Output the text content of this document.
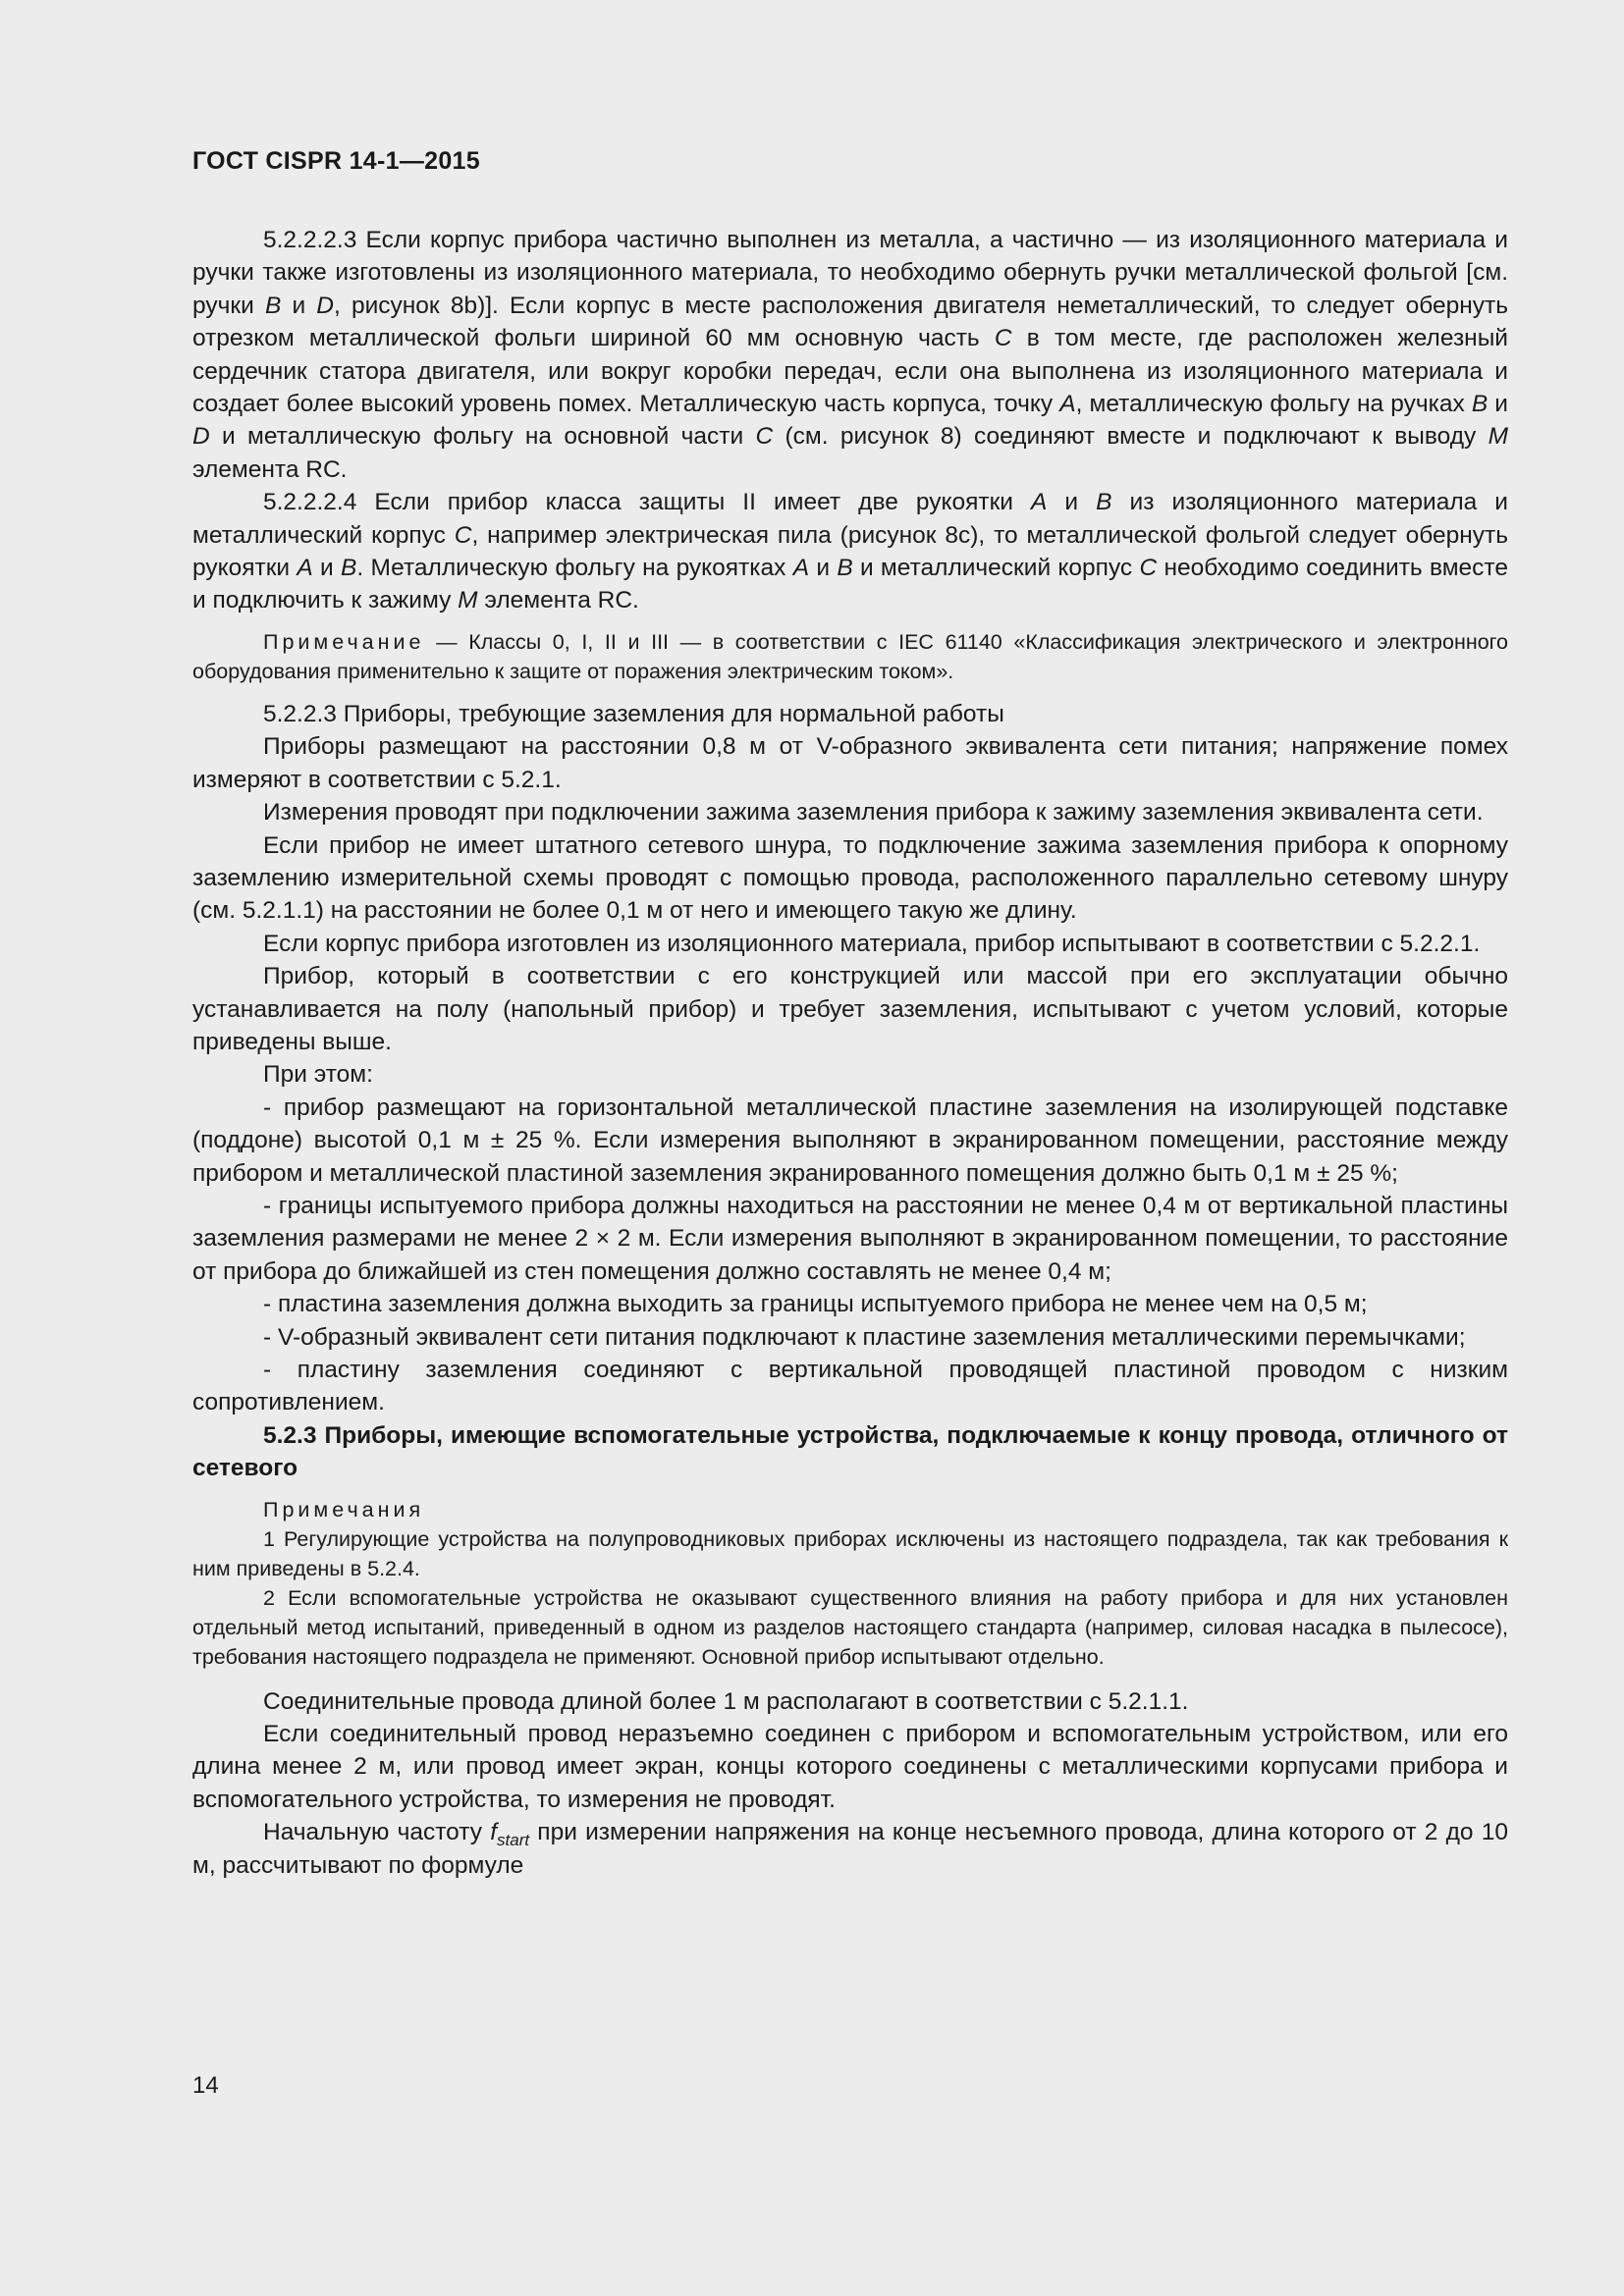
ГОСТ CISPR 14-1—2015

5.2.2.2.3 Если корпус прибора частично выполнен из металла, а частично — из изоляционного материала и ручки также изготовлены из изоляционного материала, то необходимо обернуть ручки металлической фольгой [см. ручки B и D, рисунок 8b)]. Если корпус в месте расположения двигателя неметаллический, то следует обернуть отрезком металлической фольги шириной 60 мм основную часть C в том месте, где расположен железный сердечник статора двигателя, или вокруг коробки передач, если она выполнена из изоляционного материала и создает более высокий уровень помех. Металлическую часть корпуса, точку A, металлическую фольгу на ручках B и D и металлическую фольгу на основной части C (см. рисунок 8) соединяют вместе и подключают к выводу M элемента RC.

5.2.2.2.4 Если прибор класса защиты II имеет две рукоятки A и B из изоляционного материала и металлический корпус C, например электрическая пила (рисунок 8c), то металлической фольгой следует обернуть рукоятки A и B. Металлическую фольгу на рукоятках A и B и металлический корпус C необходимо соединить вместе и подключить к зажиму M элемента RC.

Примечание — Классы 0, I, II и III — в соответствии с IEC 61140 «Классификация электрического и электронного оборудования применительно к защите от поражения электрическим током».

5.2.2.3 Приборы, требующие заземления для нормальной работы

Приборы размещают на расстоянии 0,8 м от V-образного эквивалента сети питания; напряжение помех измеряют в соответствии с 5.2.1.

Измерения проводят при подключении зажима заземления прибора к зажиму заземления эквивалента сети.

Если прибор не имеет штатного сетевого шнура, то подключение зажима заземления прибора к опорному заземлению измерительной схемы проводят с помощью провода, расположенного параллельно сетевому шнуру (см. 5.2.1.1) на расстоянии не более 0,1 м от него и имеющего такую же длину.

Если корпус прибора изготовлен из изоляционного материала, прибор испытывают в соответствии с 5.2.2.1.

Прибор, который в соответствии с его конструкцией или массой при его эксплуатации обычно устанавливается на полу (напольный прибор) и требует заземления, испытывают с учетом условий, которые приведены выше.

При этом:

- прибор размещают на горизонтальной металлической пластине заземления на изолирующей подставке (поддоне) высотой 0,1 м ± 25 %. Если измерения выполняют в экранированном помещении, расстояние между прибором и металлической пластиной заземления экранированного помещения должно быть 0,1 м ± 25 %;

- границы испытуемого прибора должны находиться на расстоянии не менее 0,4 м от вертикальной пластины заземления размерами не менее 2 × 2 м. Если измерения выполняют в экранированном помещении, то расстояние от прибора до ближайшей из стен помещения должно составлять не менее 0,4 м;

- пластина заземления должна выходить за границы испытуемого прибора не менее чем на 0,5 м;

- V-образный эквивалент сети питания подключают к пластине заземления металлическими перемычками;

- пластину заземления соединяют с вертикальной проводящей пластиной проводом с низким сопротивлением.

5.2.3 Приборы, имеющие вспомогательные устройства, подключаемые к концу провода, отличного от сетевого

Примечания

1 Регулирующие устройства на полупроводниковых приборах исключены из настоящего подраздела, так как требования к ним приведены в 5.2.4.

2 Если вспомогательные устройства не оказывают существенного влияния на работу прибора и для них установлен отдельный метод испытаний, приведенный в одном из разделов настоящего стандарта (например, силовая насадка в пылесосе), требования настоящего подраздела не применяют. Основной прибор испытывают отдельно.

Соединительные провода длиной более 1 м располагают в соответствии с 5.2.1.1.

Если соединительный провод неразъемно соединен с прибором и вспомогательным устройством, или его длина менее 2 м, или провод имеет экран, концы которого соединены с металлическими корпусами прибора и вспомогательного устройства, то измерения не проводят.

Начальную частоту $f_{start}$ при измерении напряжения на конце несъемного провода, длина которого от 2 до 10 м, рассчитывают по формуле

14
